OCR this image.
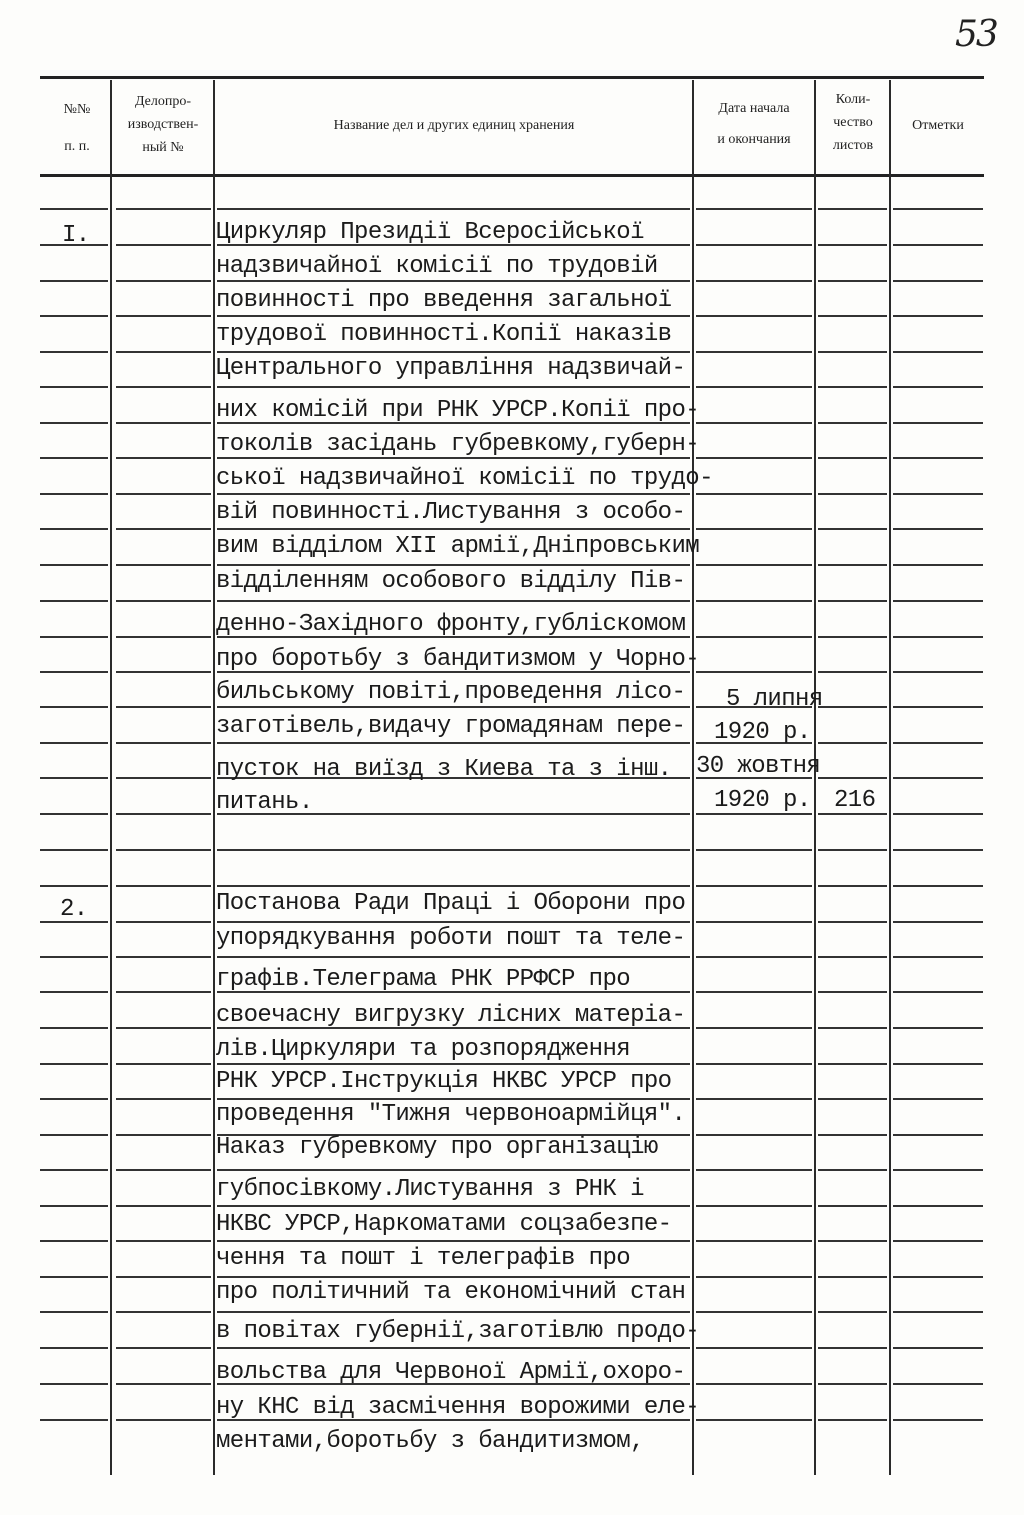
53
№№
п. п.
Делопро-
изводствен-
ный №
Название дел и других единиц хранения
Дата начала
и окончания
Коли-
чество
листов
Отметки
I.	Циркуляр Президії Всеросійської
надзвичайної комісії по трудовій
повинності про введення загальної
трудової повинності.Копії наказів
Центрального управління надзвичай-
них комісій при РНК УРСР.Копії про-
токолів засідань губревкому,губерн-
ської надзвичайної комісії по трудо-
вій повинності.Листування з особо-
вим відділом XII армії,Дніпровським
відділенням особового відділу Пів-
денно-Західного фронту,губліскомом
про боротьбу з бандитизмом у Чорно-
бильському повіті,проведення лісо-
заготівель,видачу громадянам пере-
пусток на виїзд з Киева та з інш.
питань.
5 липня
1920 р.
30 жовтня
1920 р. 216
2.	Постанова Ради Праці і Оборони про
упорядкування роботи пошт та теле-
графів.Телеграма РНК РРФСР про
своечасну вигрузку лісних матеріа-
лів.Циркуляри та розпорядження
РНК УРСР.Інструкція НКВС УРСР про
проведення "Тижня червоноармійця".
Наказ губревкому про організацію
губпосівкому.Листування з РНК і
НКВС УРСР,Наркоматами соцзабезпе-
чення та пошт і телеграфів про
про політичний та економічний стан
в повітах губернії,заготівлю продо-
вольства для Червоної Армії,охоро-
ну КНС від засмічення ворожими еле-
ментами,боротьбу з бандитизмом,
